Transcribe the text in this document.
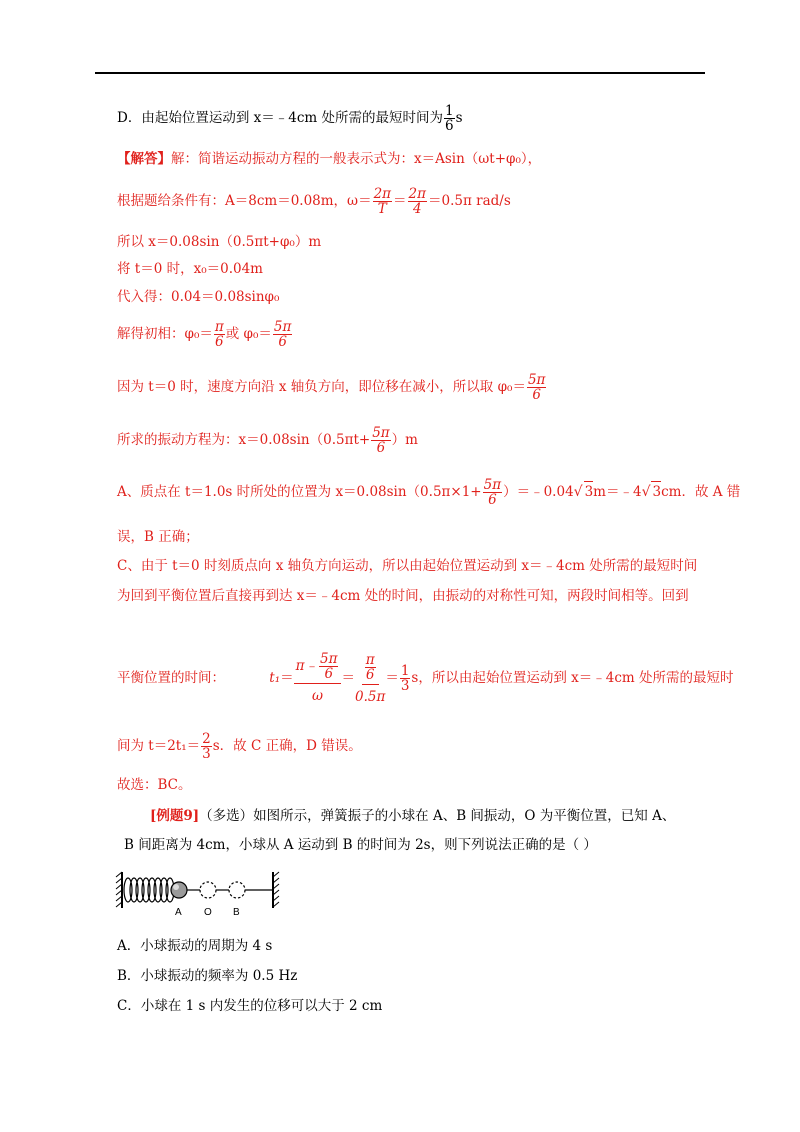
D．由起始位置运动到 x＝﹣4cm 处所需的最短时间为 $\frac{1}{6}$ s
【解答】解：简谐运动振动方程的一般表示式为：x＝Asin（ωt+φ₀），
根据题给条件有：A＝8cm＝0.08m，$\omega= \frac{2\pi}{T} = \frac{2\pi}{4} =0.5\pi$ rad/s
所以 x＝0.08sin（0.5πt+φ₀）m
将 t＝0 时，x₀＝0.04m
代入得：0.04＝0.08sinφ₀
解得初相：$\varphi_0= \frac{\pi}{6}$ 或 $\varphi_0= \frac{5\pi}{6}$
因为 t＝0 时，速度方向沿 x 轴负方向，即位移在减小，所以取 $\varphi_0= \frac{5\pi}{6}$
所求的振动方程为：$x=0.08\sin(0.5\pi t+ \frac{5\pi}{6} )m$
A、质点在 t＝1.0s 时所处的位置为 $x=0.08\sin(0.5\pi\times 1+ \frac{5\pi}{6}$ ）＝﹣0.04√ 3m＝﹣4√ 3cm．故 A 错
误，B 正确；
C、由于 t＝0 时刻质点向 x 轴负方向运动，所以由起始位置运动到 x＝﹣4cm 处所需的最短时间
为回到平衡位置后直接再到达 x＝﹣4cm 处的时间，由振动的对称性可知，两段时间相等。回到
平衡位置的时间：	$t_1= \frac{\pi﹣ \frac{5\pi}{6}}{\omega} = \frac{\frac{\pi}{6}}{0.5\pi} = \frac{1}{3}$ s，所以由起始位置运动到 x＝﹣4cm 处所需的最短时
间为 $t=2t_1= \frac{2}{3}$ s．故 C 正确，D 错误。
故选：BC。
[例题9]（多选）如图所示，弹簧振子的小球在 A、B 间振动，O 为平衡位置，已知 A、
B 间距离为 4cm，小球从 A 运动到 B 的时间为 2s，则下列说法正确的是（ ）
A O B
A．小球振动的周期为 4 s
B．小球振动的频率为 0.5 Hz
C．小球在 1 s 内发生的位移可以大于 2 cm
